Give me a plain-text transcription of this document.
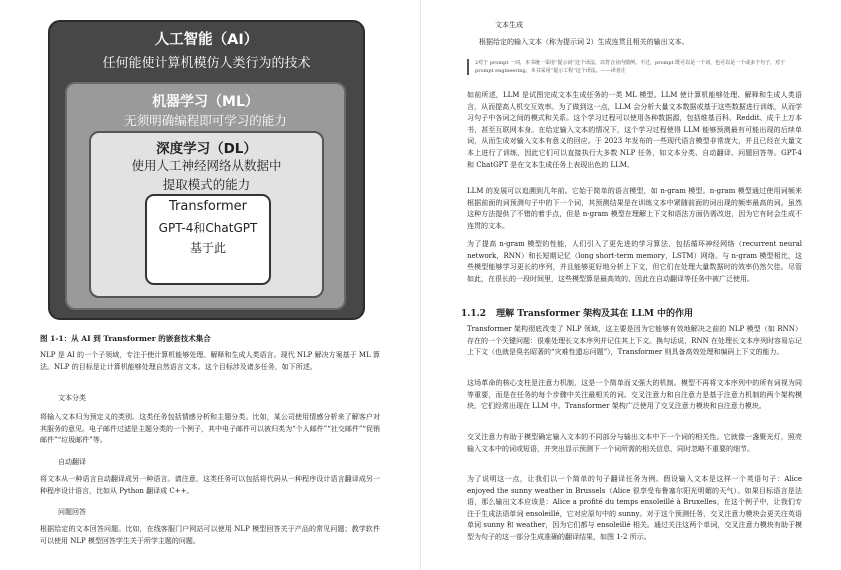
人工智能（AI）

任何能使计算机模仿人类行为的技术

机器学习（ML）

无须明确编程即可学习的能力

深度学习（DL）

使用人工神经网络从数据中

提取模式的能力

Transformer

GPT-4和ChatGPT

基于此

图 1-1：从 AI 到 Transformer 的嵌套技术集合

NLP 是 AI 的一个子领域，专注于使计算机能够处理、解释和生成人类语言。现代 NLP 解决方案基于 ML 算法。NLP 的目标是让计算机能够处理自然语言文本。这个目标涉及诸多任务，如下所述。

文本分类

将输入文本归为预定义的类别。这类任务包括情感分析和主题分类。比如，某公司使用情感分析来了解客户对其服务的意见。电子邮件过滤是主题分类的一个例子，其中电子邮件可以被归类为“个人邮件”“社交邮件”“促销邮件”“垃圾邮件”等。

自动翻译

将文本从一种语言自动翻译成另一种语言。请注意，这类任务可以包括将代码从一种程序设计语言翻译成另一种程序设计语言，比如从 Python 翻译成 C++。

问题回答

根据给定的文本回答问题。比如，在线客服门户网站可以使用 NLP 模型回答关于产品的常见问题；教学软件可以使用 NLP 模型回答学生关于所学主题的问题。

文本生成

根据给定的输入文本（称为提示词 2）生成连贯且相关的输出文本。

2对于 prompt 一词，本书统一采用“提示词”这个译法，以符合业内惯例。不过，prompt 既可以是一个词，也可以是一个或多个句子，对于 prompt engineering，本书采用“提示工程”这个译法。——译者注

如前所述，LLM 是试图完成文本生成任务的一类 ML 模型。LLM 使计算机能够处理、解释和生成人类语言，从而提高人机交互效率。为了做到这一点，LLM 会分析大量文本数据或基于这些数据进行训练，从而学习句子中各词之间的模式和关系。这个学习过程可以使用各种数据源，包括维基百科、Reddit、成千上万本书，甚至互联网本身。在给定输入文本的情况下，这个学习过程使得 LLM 能够预测最有可能出现的后续单词，从而生成对输入文本有意义的回应。于 2023 年发布的一些现代语言模型非常庞大，并且已经在大量文本上进行了训练，因此它们可以直接执行大多数 NLP 任务，如文本分类、自动翻译、问题回答等。GPT-4 和 ChatGPT 是在文本生成任务上表现出色的 LLM。

LLM 的发展可以追溯到几年前。它始于简单的语言模型，如 n-gram 模型。n-gram 模型通过使用词频来根据前面的词预测句子中的下一个词，其预测结果是在训练文本中紧随前面的词出现的频率最高的词。虽然这种方法提供了不错的着手点，但是 n-gram 模型在理解上下文和语法方面仍需改进，因为它有时会生成不连贯的文本。

为了提高 n-gram 模型的性能，人们引入了更先进的学习算法，包括循环神经网络（recurrent neural network，RNN）和长短期记忆（long short-term memory，LSTM）网络。与 n-gram 模型相比，这些模型能够学习更长的序列，并且能够更好地分析上下文，但它们在处理大量数据时的效率仍然欠佳。尽管如此，在很长的一段时间里，这些模型算是最高效的，因此在自动翻译等任务中被广泛使用。

1.1.2 理解 Transformer 架构及其在 LLM 中的作用

Transformer 架构彻底改变了 NLP 领域，这主要是因为它能够有效地解决之前的 NLP 模型（如 RNN）存在的一个关键问题：很难处理长文本序列并记住其上下文。换句话说，RNN 在处理长文本序列时容易忘记上下文（也就是臭名昭著的“灾难性遗忘问题”），Transformer 则具备高效处理和编码上下文的能力。

这场革命的核心支柱是注意力机制，这是一个简单而又强大的机制。模型不再将文本序列中的所有词视为同等重要，而是在任务的每个步骤中关注最相关的词。交叉注意力和自注意力是基于注意力机制的两个架构模块，它们经常出现在 LLM 中。Transformer 架构广泛使用了交叉注意力模块和自注意力模块。

交叉注意力有助于模型确定输入文本的不同部分与输出文本中下一个词的相关性。它就像一盏聚光灯，照亮输入文本中的词或短语，并突出显示预测下一个词所需的相关信息，同时忽略不重要的细节。

为了说明这一点，让我们以一个简单的句子翻译任务为例。假设输入文本是这样一个英语句子：Alice enjoyed the sunny weather in Brussels（Alice 很享受布鲁塞尔阳光明媚的天气）。如果目标语言是法语，那么输出文本应该是：Alice a profité du temps ensoleillé à Bruxelles。在这个例子中，让我们专注于生成法语单词 ensoleillé，它对应原句中的 sunny。对于这个预测任务，交叉注意力模块会更关注英语单词 sunny 和 weather，因为它们都与 ensoleillé 相关。通过关注这两个单词，交叉注意力模块有助于模型为句子的这一部分生成准确的翻译结果，如图 1-2 所示。
